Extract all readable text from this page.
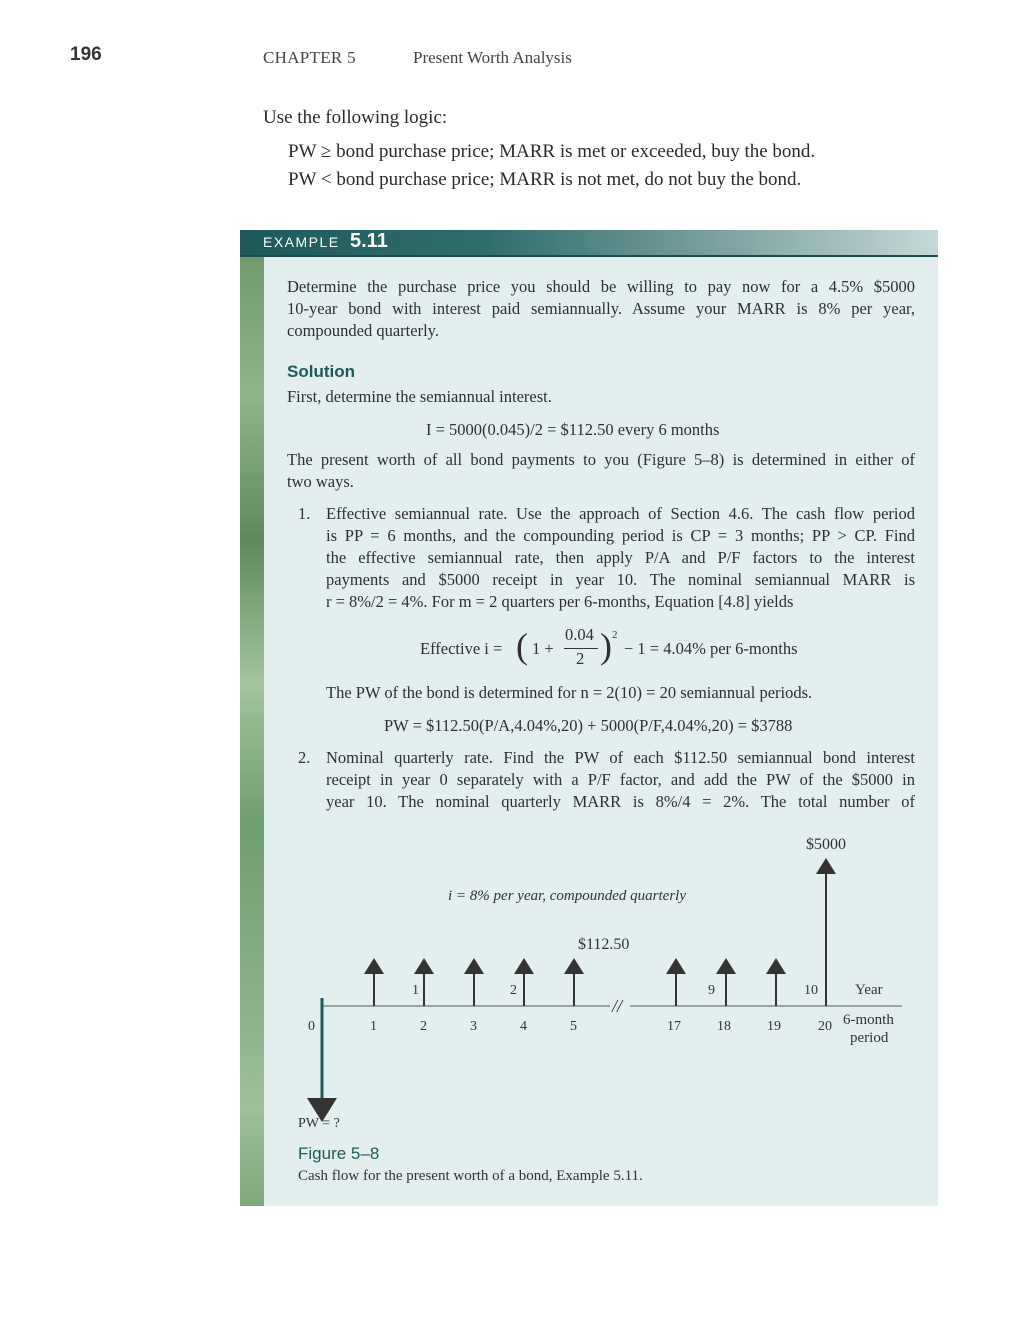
196	CHAPTER 5	Present Worth Analysis
Use the following logic:
PW ≥ bond purchase price; MARR is met or exceeded, buy the bond.
PW < bond purchase price; MARR is not met, do not buy the bond.
EXAMPLE 5.11
Determine the purchase price you should be willing to pay now for a 4.5% $5000
10-year bond with interest paid semiannually. Assume your MARR is 8% per year,
compounded quarterly.
Solution
First, determine the semiannual interest.
I = 5000(0.045)/2 = $112.50 every 6 months
The present worth of all bond payments to you (Figure 5–8) is determined in either of
two ways.
1. Effective semiannual rate. Use the approach of Section 4.6. The cash flow period
is PP = 6 months, and the compounding period is CP = 3 months; PP > CP. Find
the effective semiannual rate, then apply P/A and P/F factors to the interest
payments and $5000 receipt in year 10. The nominal semiannual MARR is
r = 8%/2 = 4%. For m = 2 quarters per 6-months, Equation [4.8] yields
Effective i = ( 1 +
0.04
2 ) 2
− 1 = 4.04% per 6-months
The PW of the bond is determined for n = 2(10) = 20 semiannual periods.
PW = $112.50(P/A,4.04%,20) + 5000(P/F,4.04%,20) = $3788
2. Nominal quarterly rate. Find the PW of each $112.50 semiannual bond interest
receipt in year 0 separately with a P/F factor, and add the PW of the $5000 in
year 10. The nominal quarterly MARR is 8%/4 = 2%. The total number of
$5000
i = 8% per year, compounded quarterly
$112.50
//
1	2	9	10 Year
0	1	2	3	4	5	17	18	19	20 6-month
period
PW = ?
Figure 5–8
Cash flow for the present worth of a bond, Example 5.11.
